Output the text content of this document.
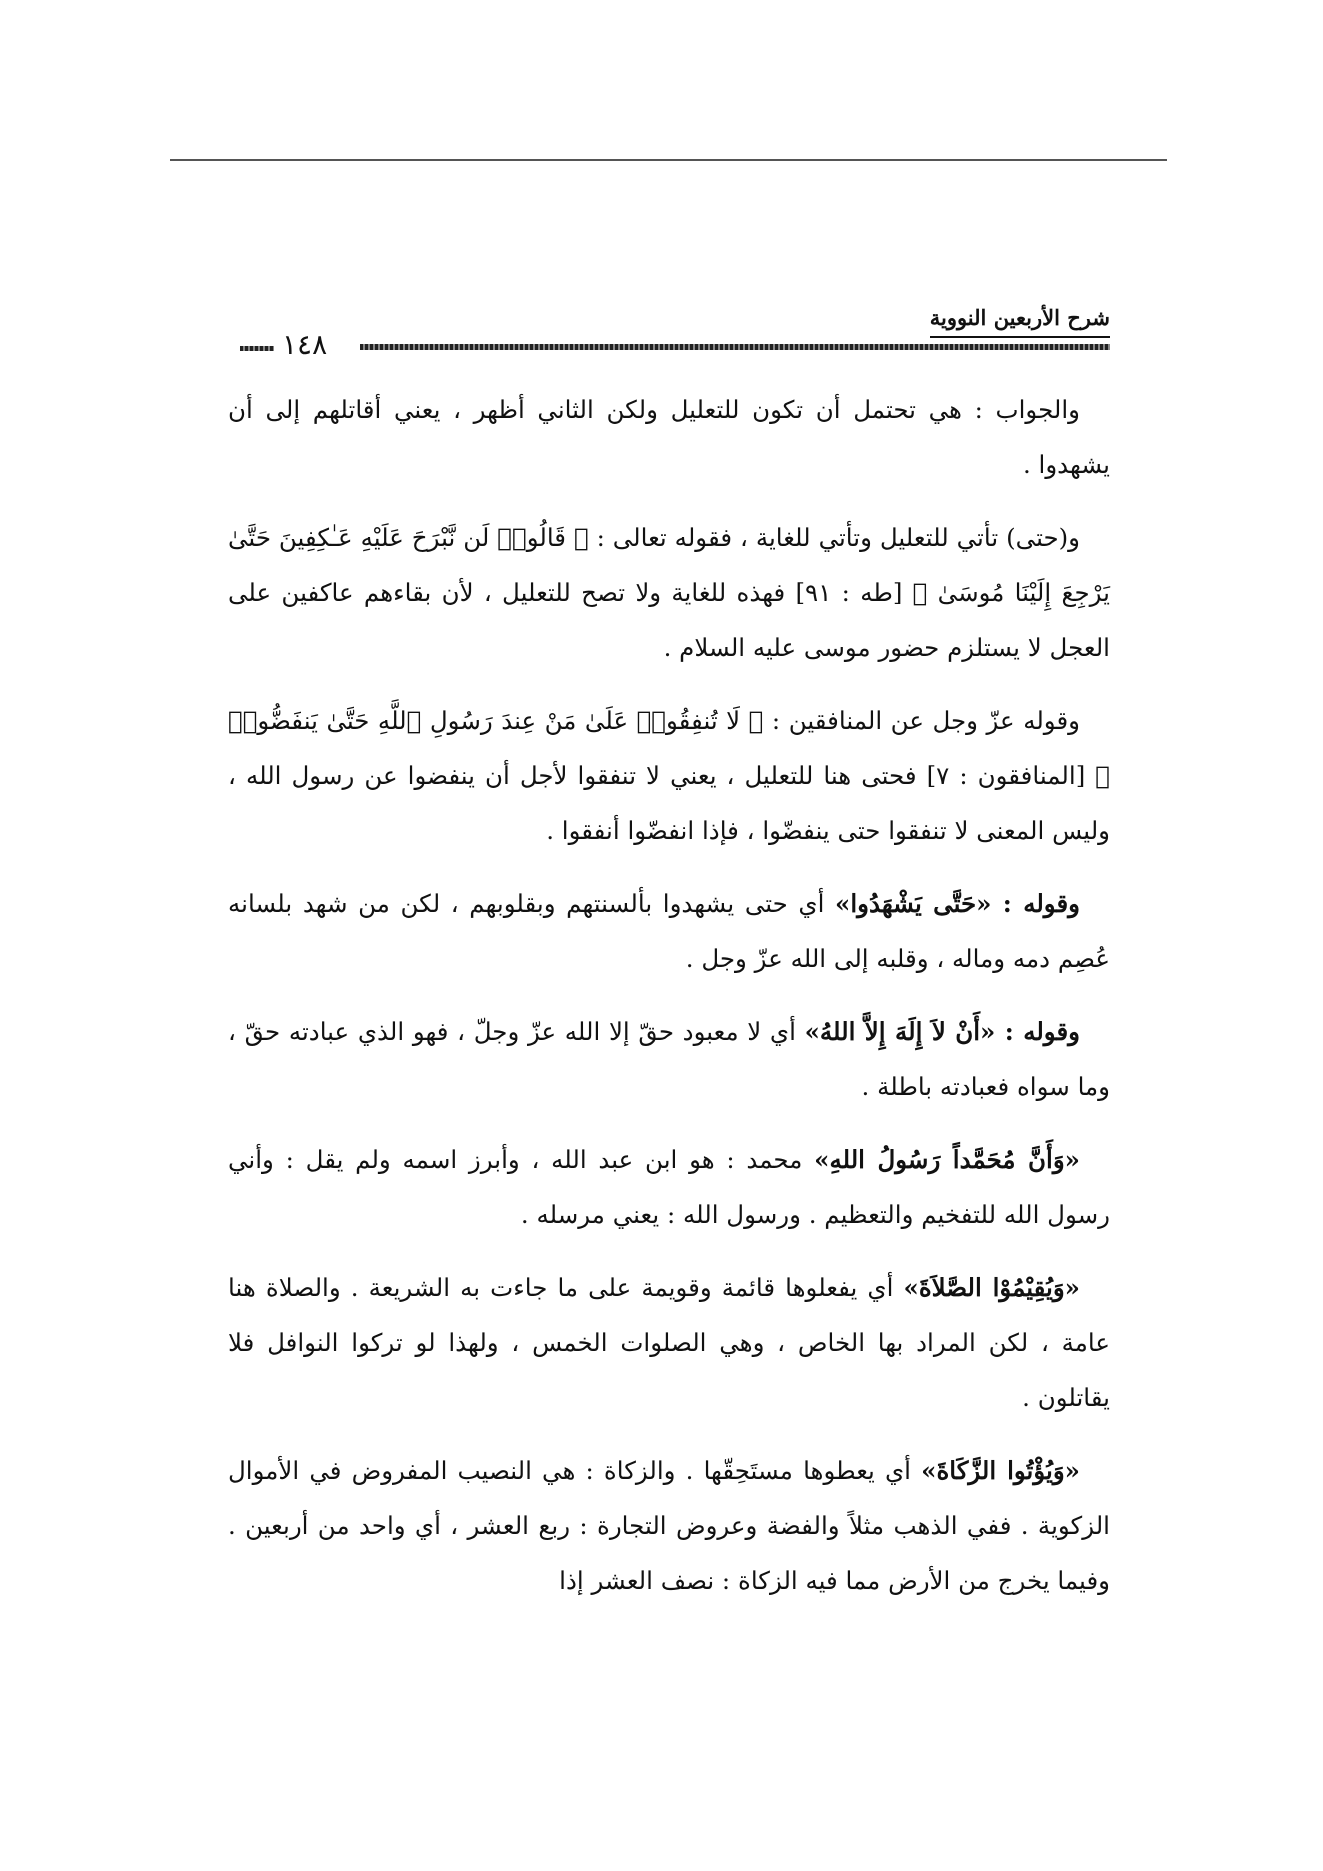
شرح الأربعين النووية
١٤٨

والجواب : هي تحتمل أن تكون للتعليل ولكن الثاني أظهر ، يعني أقاتلهم إلى أن يشهدوا .

و(حتى) تأتي للتعليل وتأتي للغاية ، فقوله تعالى : ﴿ قَالُوا۟ لَن نَّبْرَحَ عَلَيْهِ عَـٰكِفِينَ حَتَّىٰ يَرْجِعَ إِلَيْنَا مُوسَىٰ ﴾ [طه : ٩١] فهذه للغاية ولا تصح للتعليل ، لأن بقاءهم عاكفين على العجل لا يستلزم حضور موسى عليه السلام .

وقوله عزّ وجل عن المنافقين : ﴿ لَا تُنفِقُوا۟ عَلَىٰ مَنْ عِندَ رَسُولِ ٱللَّهِ حَتَّىٰ يَنفَضُّوا۟ ﴾ [المنافقون : ٧] فحتى هنا للتعليل ، يعني لا تنفقوا لأجل أن ينفضوا عن رسول الله ، وليس المعنى لا تنفقوا حتى ينفضّوا ، فإذا انفضّوا أنفقوا .

وقوله : «حَتَّى يَشْهَدُوا» أي حتى يشهدوا بألسنتهم وبقلوبهم ، لكن من شهد بلسانه عُصِم دمه وماله ، وقلبه إلى الله عزّ وجل .

وقوله : «أَنْ لاَ إِلَهَ إِلاَّ اللهُ» أي لا معبود حقّ إلا الله عزّ وجلّ ، فهو الذي عبادته حقّ ، وما سواه فعبادته باطلة .

«وَأَنَّ مُحَمَّداً رَسُولُ اللهِ» محمد : هو ابن عبد الله ، وأبرز اسمه ولم يقل : وأني رسول الله للتفخيم والتعظيم . ورسول الله : يعني مرسله .

«وَيُقِيْمُوْا الصَّلاَةَ» أي يفعلوها قائمة وقويمة على ما جاءت به الشريعة . والصلاة هنا عامة ، لكن المراد بها الخاص ، وهي الصلوات الخمس ، ولهذا لو تركوا النوافل فلا يقاتلون .

«وَيُؤْتُوا الزَّكَاةَ» أي يعطوها مستَحِقّها . والزكاة : هي النصيب المفروض في الأموال الزكوية . ففي الذهب مثلاً والفضة وعروض التجارة : ربع العشر ، أي واحد من أربعين . وفيما يخرج من الأرض مما فيه الزكاة : نصف العشر إذا
